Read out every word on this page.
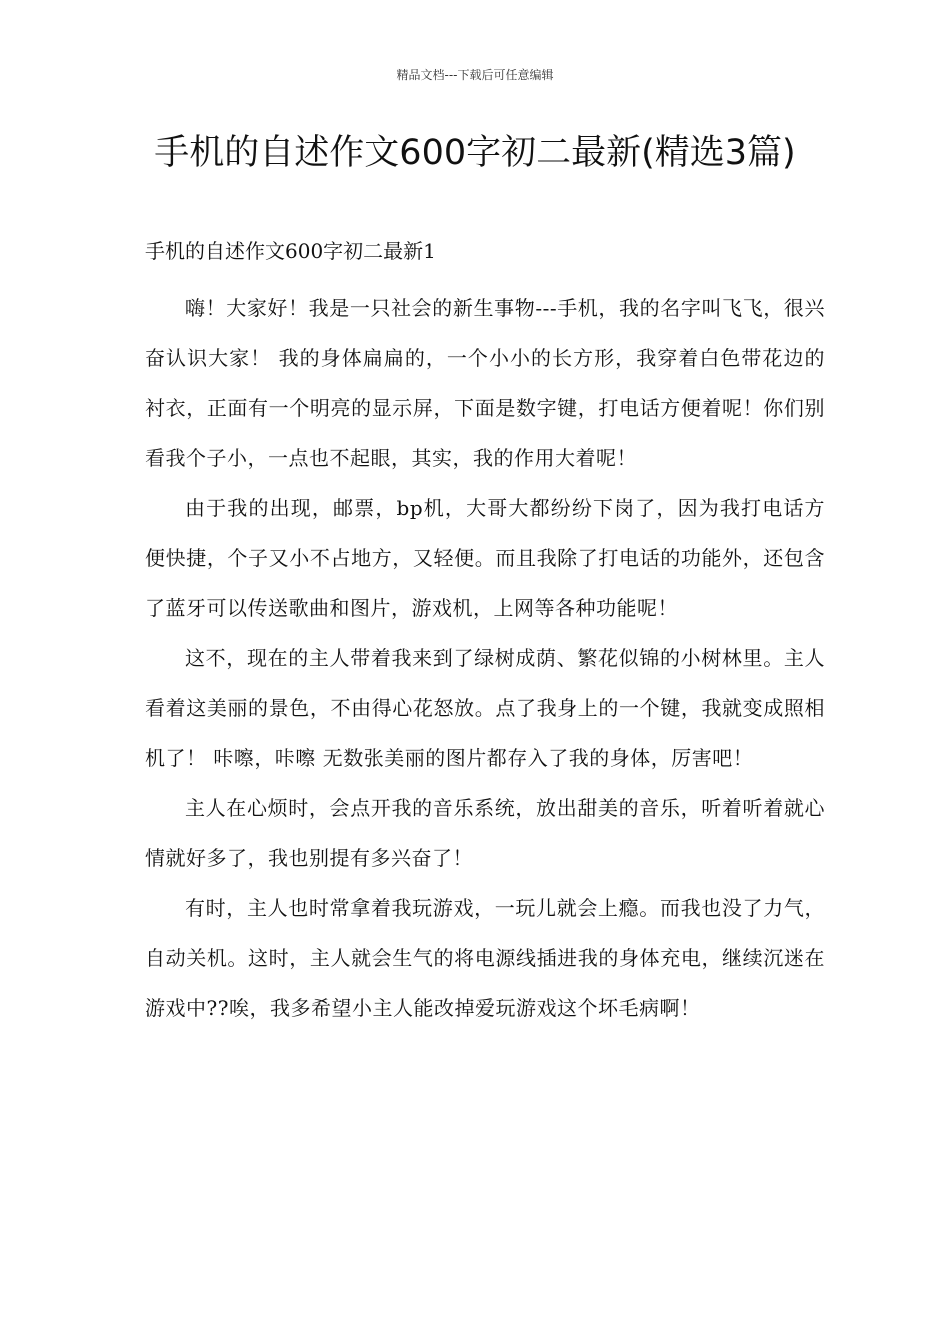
精品文档---下载后可任意编辑
手机的自述作文600字初二最新(精选3篇)

手机的自述作文600字初二最新1

嗨！大家好！我是一只社会的新生事物---手机，我的名字叫飞飞，很兴奋认识大家！ 我的身体扁扁的，一个小小的长方形，我穿着白色带花边的衬衣，正面有一个明亮的显示屏，下面是数字键，打电话方便着呢！你们别看我个子小，一点也不起眼，其实，我的作用大着呢！

由于我的出现，邮票，bp机，大哥大都纷纷下岗了，因为我打电话方便快捷，个子又小不占地方，又轻便。而且我除了打电话的功能外，还包含了蓝牙可以传送歌曲和图片，游戏机，上网等各种功能呢！

这不，现在的主人带着我来到了绿树成荫、繁花似锦的小树林里。主人看着这美丽的景色，不由得心花怒放。点了我身上的一个键，我就变成照相机了！ 咔嚓，咔嚓 无数张美丽的图片都存入了我的身体，厉害吧！

主人在心烦时，会点开我的音乐系统，放出甜美的音乐，听着听着就心情就好多了，我也别提有多兴奋了！

有时，主人也时常拿着我玩游戏，一玩儿就会上瘾。而我也没了力气，自动关机。这时，主人就会生气的将电源线插进我的身体充电，继续沉迷在游戏中??唉，我多希望小主人能改掉爱玩游戏这个坏毛病啊！
